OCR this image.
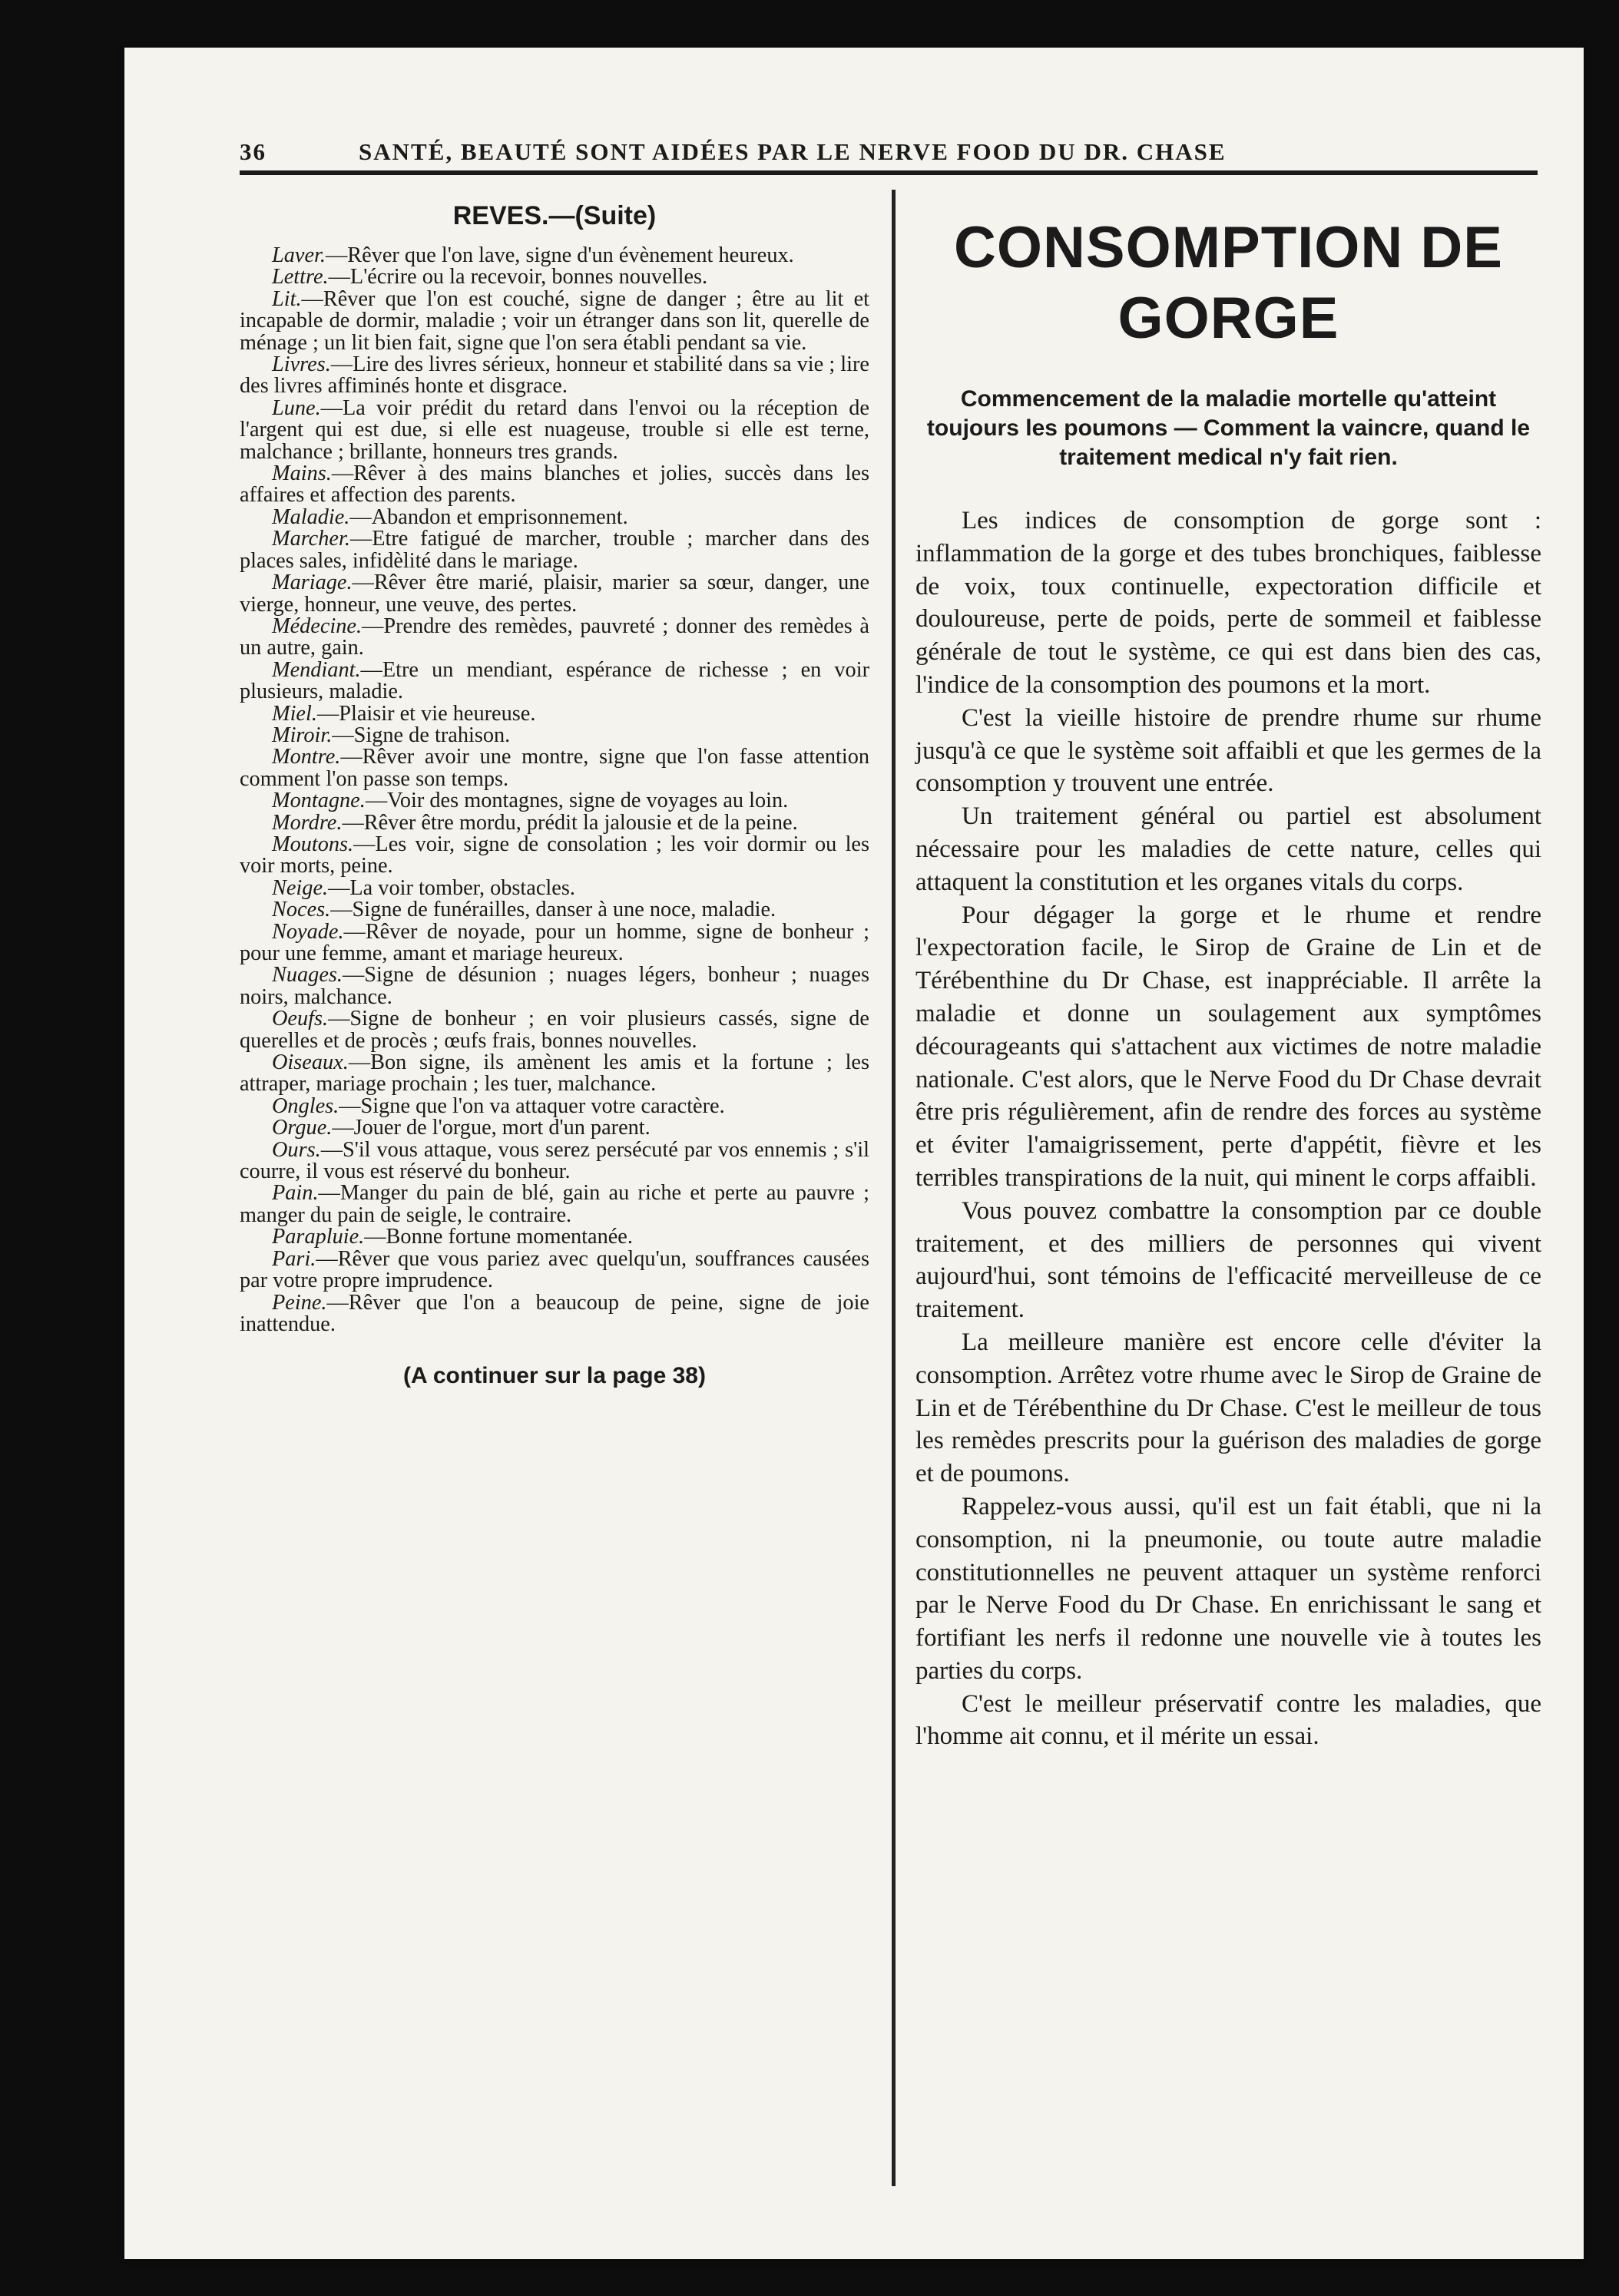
36	SANTÉ, BEAUTÉ SONT AIDÉES PAR LE NERVE FOOD DU DR. CHASE
REVES.—(Suite)
Laver.—Rêver que l'on lave, signe d'un évènement heureux.
Lettre.—L'écrire ou la recevoir, bonnes nouvelles.
Lit.—Rêver que l'on est couché, signe de danger ; être au lit et incapable de dormir, maladie ; voir un étranger dans son lit, querelle de ménage ; un lit bien fait, signe que l'on sera établi pendant sa vie.
Livres.—Lire des livres sérieux, honneur et stabilité dans sa vie ; lire des livres affiminés honte et disgrace.
Lune.—La voir prédit du retard dans l'envoi ou la réception de l'argent qui est due, si elle est nuageuse, trouble si elle est terne, malchance ; brillante, honneurs tres grands.
Mains.—Rêver à des mains blanches et jolies, succès dans les affaires et affection des parents.
Maladie.—Abandon et emprisonnement.
Marcher.—Etre fatigué de marcher, trouble ; marcher dans des places sales, infidèlité dans le mariage.
Mariage.—Rêver être marié, plaisir, marier sa sœur, danger, une vierge, honneur, une veuve, des pertes.
Médecine.—Prendre des remèdes, pauvreté ; donner des remèdes à un autre, gain.
Mendiant.—Etre un mendiant, espérance de richesse ; en voir plusieurs, maladie.
Miel.—Plaisir et vie heureuse.
Miroir.—Signe de trahison.
Montre.—Rêver avoir une montre, signe que l'on fasse attention comment l'on passe son temps.
Montagne.—Voir des montagnes, signe de voyages au loin.
Mordre.—Rêver être mordu, prédit la jalousie et de la peine.
Moutons.—Les voir, signe de consolation ; les voir dormir ou les voir morts, peine.
Neige.—La voir tomber, obstacles.
Noces.—Signe de funérailles, danser à une noce, maladie.
Noyade.—Rêver de noyade, pour un homme, signe de bonheur ; pour une femme, amant et mariage heureux.
Nuages.—Signe de désunion ; nuages légers, bonheur ; nuages noirs, malchance.
Oeufs.—Signe de bonheur ; en voir plusieurs cassés, signe de querelles et de procès ; œufs frais, bonnes nouvelles.
Oiseaux.—Bon signe, ils amènent les amis et la fortune ; les attraper, mariage prochain ; les tuer, malchance.
Ongles.—Signe que l'on va attaquer votre caractère.
Orgue.—Jouer de l'orgue, mort d'un parent.
Ours.—S'il vous attaque, vous serez persécuté par vos ennemis ; s'il courre, il vous est réservé du bonheur.
Pain.—Manger du pain de blé, gain au riche et perte au pauvre ; manger du pain de seigle, le contraire.
Parapluie.—Bonne fortune momentanée.
Pari.—Rêver que vous pariez avec quelqu'un, souffrances causées par votre propre imprudence.
Peine.—Rêver que l'on a beaucoup de peine, signe de joie inattendue.
(A continuer sur la page 38)
CONSOMPTION DE GORGE
Commencement de la maladie mortelle qu'atteint toujours les poumons — Comment la vaincre, quand le traitement medical n'y fait rien.
Les indices de consomption de gorge sont : inflammation de la gorge et des tubes bronchiques, faiblesse de voix, toux continuelle, expectoration difficile et douloureuse, perte de poids, perte de sommeil et faiblesse générale de tout le système, ce qui est dans bien des cas, l'indice de la consomption des poumons et la mort.
C'est la vieille histoire de prendre rhume sur rhume jusqu'à ce que le système soit affaibli et que les germes de la consomption y trouvent une entrée.
Un traitement général ou partiel est absolument nécessaire pour les maladies de cette nature, celles qui attaquent la constitution et les organes vitals du corps.
Pour dégager la gorge et le rhume et rendre l'expectoration facile, le Sirop de Graine de Lin et de Térébenthine du Dr Chase, est inappréciable. Il arrête la maladie et donne un soulagement aux symptômes décourageants qui s'attachent aux victimes de notre maladie nationale. C'est alors, que le Nerve Food du Dr Chase devrait être pris régulièrement, afin de rendre des forces au système et éviter l'amaigrissement, perte d'appétit, fièvre et les terribles transpirations de la nuit, qui minent le corps affaibli.
Vous pouvez combattre la consomption par ce double traitement, et des milliers de personnes qui vivent aujourd'hui, sont témoins de l'efficacité merveilleuse de ce traitement.
La meilleure manière est encore celle d'éviter la consomption. Arrêtez votre rhume avec le Sirop de Graine de Lin et de Térébenthine du Dr Chase. C'est le meilleur de tous les remèdes prescrits pour la guérison des maladies de gorge et de poumons.
Rappelez-vous aussi, qu'il est un fait établi, que ni la consomption, ni la pneumonie, ou toute autre maladie constitutionnelles ne peuvent attaquer un système renforci par le Nerve Food du Dr Chase. En enrichissant le sang et fortifiant les nerfs il redonne une nouvelle vie à toutes les parties du corps.
C'est le meilleur préservatif contre les maladies, que l'homme ait connu, et il mérite un essai.
